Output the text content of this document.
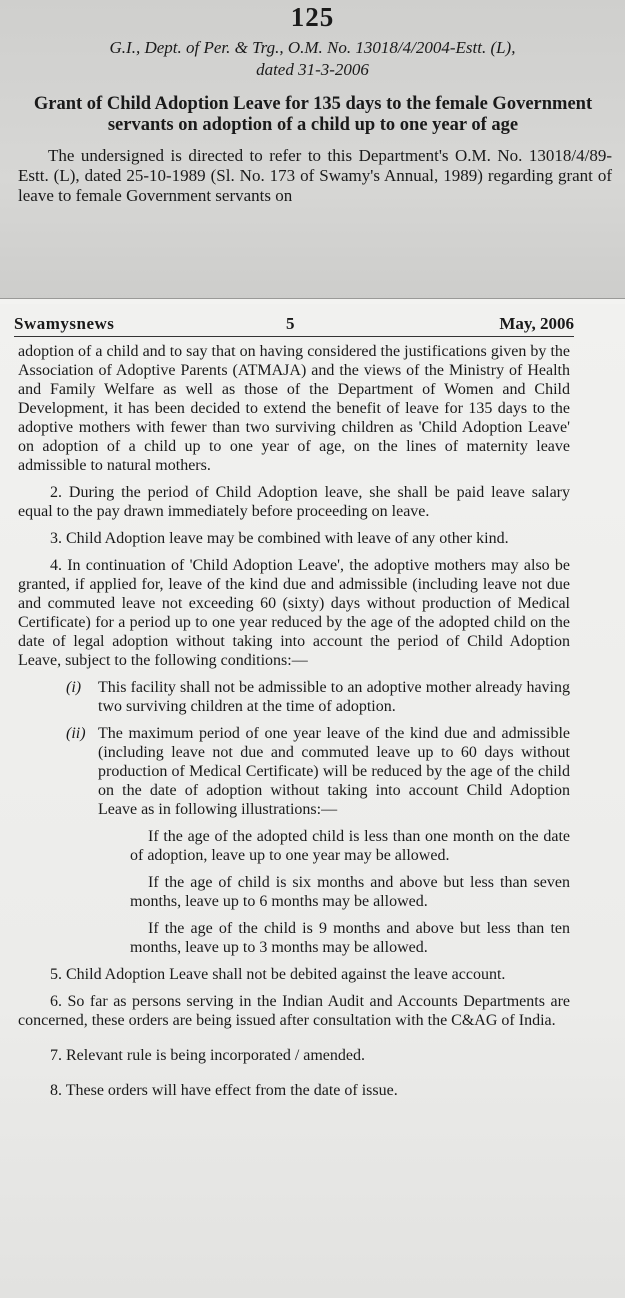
125
G.I., Dept. of Per. & Trg., O.M. No. 13018/4/2004-Estt. (L),
dated 31-3-2006
Grant of Child Adoption Leave for 135 days to the female Government servants on adoption of a child up to one year of age
The undersigned is directed to refer to this Department's O.M. No. 13018/4/89-Estt. (L), dated 25-10-1989 (Sl. No. 173 of Swamy's Annual, 1989) regarding grant of leave to female Government servants on
Swamysnews	5	May, 2006

adoption of a child and to say that on having considered the justifications given by the Association of Adoptive Parents (ATMAJA) and the views of the Ministry of Health and Family Welfare as well as those of the Department of Women and Child Development, it has been decided to extend the benefit of leave for 135 days to the adoptive mothers with fewer than two surviving children as 'Child Adoption Leave' on adoption of a child up to one year of age, on the lines of maternity leave admissible to natural mothers.

2. During the period of Child Adoption leave, she shall be paid leave salary equal to the pay drawn immediately before proceeding on leave.

3. Child Adoption leave may be combined with leave of any other kind.

4. In continuation of 'Child Adoption Leave', the adoptive mothers may also be granted, if applied for, leave of the kind due and admissible (including leave not due and commuted leave not exceeding 60 (sixty) days without production of Medical Certificate) for a period up to one year reduced by the age of the adopted child on the date of legal adoption without taking into account the period of Child Adoption Leave, subject to the following conditions:—

(i) This facility shall not be admissible to an adoptive mother already having two surviving children at the time of adoption.
(ii) The maximum period of one year leave of the kind due and admissible (including leave not due and commuted leave up to 60 days without production of Medical Certificate) will be reduced by the age of the child on the date of adoption without taking into account Child Adoption Leave as in following illustrations:—

If the age of the adopted child is less than one month on the date of adoption, leave up to one year may be allowed.

If the age of child is six months and above but less than seven months, leave up to 6 months may be allowed.

If the age of the child is 9 months and above but less than ten months, leave up to 3 months may be allowed.

5. Child Adoption Leave shall not be debited against the leave account.

6. So far as persons serving in the Indian Audit and Accounts Departments are concerned, these orders are being issued after consultation with the C&AG of India.

7. Relevant rule is being incorporated / amended.

8. These orders will have effect from the date of issue.
